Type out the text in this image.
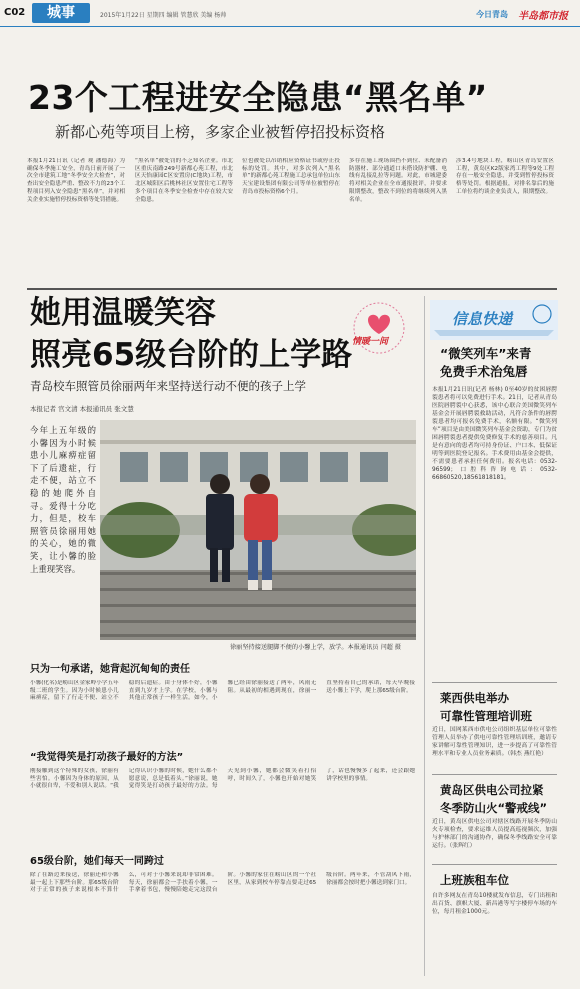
C02	城事	2015年1月22日 星期四 编辑 管慧欣 美编 杨帅	今日青岛 半岛都市报
23个工程进安全隐患“黑名单”
新都心苑等项目上榜，多家企业被暂停招投标资格
本报1月21日讯（记者 观 潘德海）为确保冬季施工安全，青岛日前开展了一次全市建筑工地“冬季安全大检查”，对查出安全隐患严重、整改不力的23个工程项目列入安全隐患“黑名单”，并对相关企业实施暂停投标资格等处罚措施。
“黑名单”被处罚的不乏知名企业。市北区重庆南路249号新都心苑工程，市北区天怡康园C区安置房(C地块)工程，市北区城阳区后桃林社区安置住宅工程等多个项目在冬季安全检查中存在较大安全隐患。
位也被处以吊销相应资格证书或停止投标的处罚。其中，对多次列入“黑名单”的新都心苑工程施工总承包单位山东天宝建设集团有限公司等单位被暂停在青岛市投标资格6个月。
多存在施工现场围挡不到位、未配备消防器材、部分通道口未搭设防护棚、电线有乱接乱拉等问题。对此，市城建委将对相关企业在全市通报批评，并要求限期整改，整改不到位的将继续列入黑名单。
涉3.4号地块工程，崂山区青岛安置区工程，黄岛区K2版家湾工程等9处工程存在一般安全隐患，并受到暂停投标资格等处罚。根据通报，对排名靠后的施工单位将约谈企业负责人，限期整改。
她用温暖笑容
照亮65级台阶的上学路 情暖一间
青岛校车照管员徐丽两年来坚持送行动不便的孩子上学
本报记者 官文清 本报通讯员 张文慧
今年上五年级的小馨因为小时候患小儿麻痹症留下了后遗症，行走不便，站立不稳的她爬外自寻。爱得十分吃力，但是，校车照管员徐丽用她的关心，她的微笑，让小馨的脸上重现笑容。
徐丽坚持接送腿脚不便的小馨上学，放学。本报通讯员 闫超 摄
只为一句承诺，她背起沉甸甸的责任
小馨(化名)是崂山区金家岭小学五年级二班的学生。因为小时候患小儿麻痹症，留下了行走不便、站立不稳的后遗症。由于身体不好，小馨直到九岁才上学。在学校，小馨与其他正常孩子一样生活。如今，小馨已经由徐丽接送了两年，风雨无阻。从最初的相遇到现在，徐丽一直坚持着自己的承诺，每天早晚接送小馨上下学，爬上那65级台阶。
“我觉得笑是打动孩子最好的方法”
刚接触到这个特殊的女孩，徐丽有些害怕。小馨因为身体的原因，从小就很自卑，不爱和别人说话。“我记得认识小馨的时候，她什么都不愿意说，总是低着头。”徐丽说，她觉得笑是打动孩子最好的方法。每天见到小馨，她都会微笑着打招呼，时间久了，小馨也开始对她笑了，话也慢慢多了起来，还会跟她讲学校里的事情。
65级台阶，她们每天一同跨过
除了在路边来接送，徐丽还和小馨最一起上下那些台阶。那65级台阶对于正常的孩子来说根本不算什么，可对于小馨来说却非常困难。每天，徐丽都会一手扶着小馨，一手拿着书包，慢慢陪她走完这段台阶。小馨的家住在崂山区的一个社区里，从家到校车停靠点要走过65级台阶。两年来，不管刮风下雨，徐丽都会按时把小馨送到家门口。
信息快递
“微笑列车”来青
免费手术治兔唇
本报1月21日讯(记者 杨林) 0至40岁的贫困唇腭裂患者将可以免费进行手术。21日，记者从青岛医院唇腭裂中心获悉，该中心联合美国微笑列车基金会开展唇腭裂救助活动，凡符合条件的唇腭裂患者均可报名免费手术，名额有限。“微笑列车”项目是由美国微笑列车基金会资助，专门为贫困唇腭裂患者提供免费修复手术的慈善项目。凡是有意向的患者均可持身份证、户口本、低保证明等到医院登记报名。手术费用由基金会提供，不需要患者承担任何费用。报名电话：0532-96599；口腔科咨询电话：0532-66860520,18561818181。
莱西供电举办
可靠性管理培训班
近日，国网莱西市供电公司组织基层单位可靠性管理人员举办了供电可靠性管理培训班，邀请专家讲解可靠性管理知识，进一步提高了可靠性管理水平和专业人员业务素质。（韩杰 燕红艳）
黄岛区供电公司拉紧
冬季防山火“警戒线”
近日，黄岛区供电公司对辖区线路开展冬季防山火专项检查，要求运维人员提高巡视频次，加强与护林部门的沟通协作，确保冬季线路安全可靠运行。（张辉红）
上班族租车位
自许多网友在青岛10楼就发布信息，专门出租和出百货、旗帜大厦、新昌港等写字楼停车场的车位，每月租金1000元。
